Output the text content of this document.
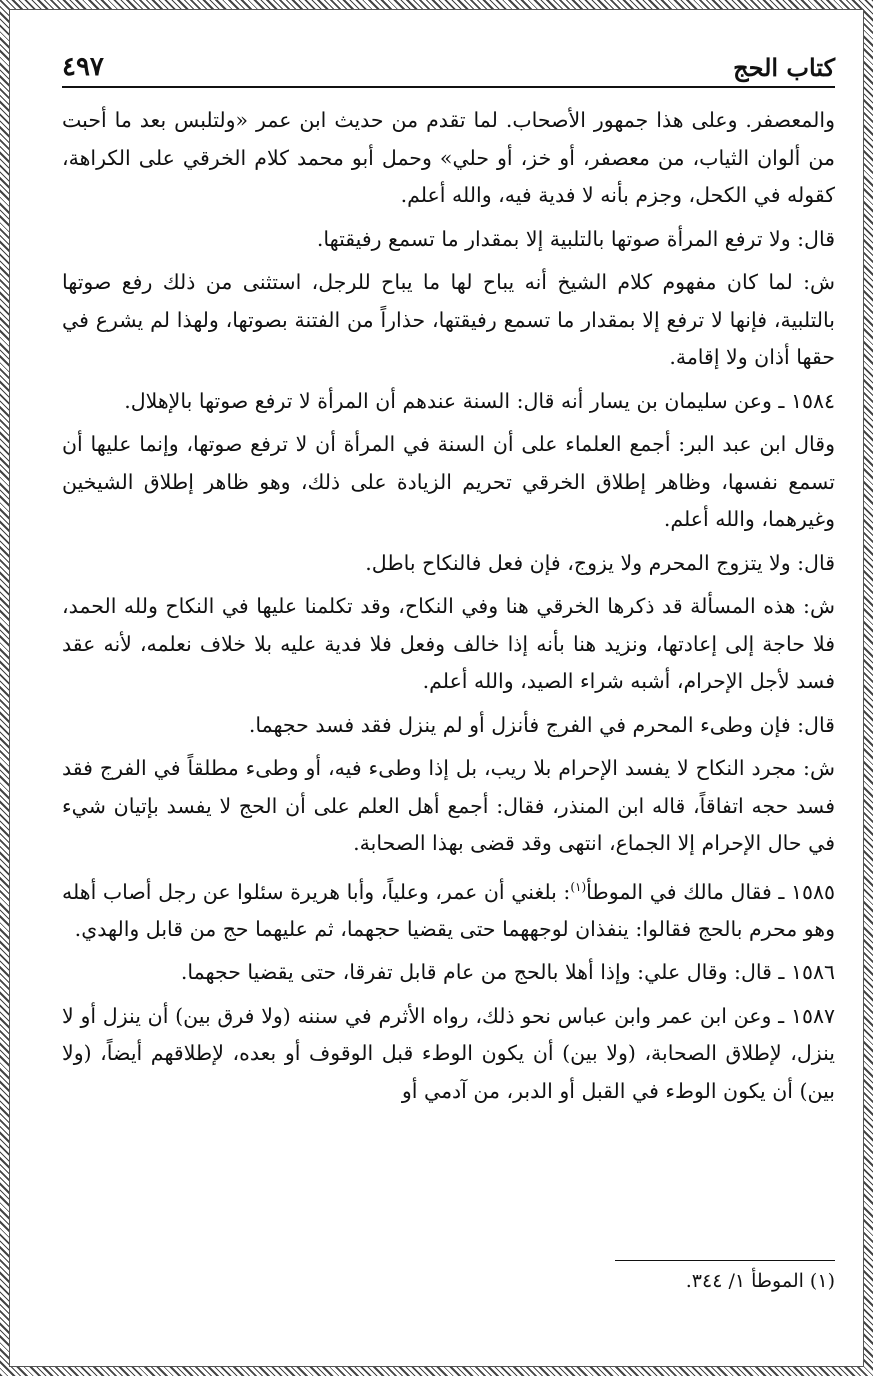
كتاب الحج
٤٩٧

والمعصفر. وعلى هذا جمهور الأصحاب. لما تقدم من حديث ابن عمر «ولتلبس بعد ما أحبت من ألوان الثياب، من معصفر، أو خز، أو حلي» وحمل أبو محمد كلام الخرقي على الكراهة، كقوله في الكحل، وجزم بأنه لا فدية فيه، والله أعلم.

قال: ولا ترفع المرأة صوتها بالتلبية إلا بمقدار ما تسمع رفيقتها.

ش: لما كان مفهوم كلام الشيخ أنه يباح لها ما يباح للرجل، استثنى من ذلك رفع صوتها بالتلبية، فإنها لا ترفع إلا بمقدار ما تسمع رفيقتها، حذاراً من الفتنة بصوتها، ولهذا لم يشرع في حقها أذان ولا إقامة.

١٥٨٤ ـ وعن سليمان بن يسار أنه قال: السنة عندهم أن المرأة لا ترفع صوتها بالإهلال.

وقال ابن عبد البر: أجمع العلماء على أن السنة في المرأة أن لا ترفع صوتها، وإنما عليها أن تسمع نفسها، وظاهر إطلاق الخرقي تحريم الزيادة على ذلك، وهو ظاهر إطلاق الشيخين وغيرهما، والله أعلم.

قال: ولا يتزوج المحرم ولا يزوج، فإن فعل فالنكاح باطل.

ش: هذه المسألة قد ذكرها الخرقي هنا وفي النكاح، وقد تكلمنا عليها في النكاح ولله الحمد، فلا حاجة إلى إعادتها، ونزيد هنا بأنه إذا خالف وفعل فلا فدية عليه بلا خلاف نعلمه، لأنه عقد فسد لأجل الإحرام، أشبه شراء الصيد، والله أعلم.

قال: فإن وطىء المحرم في الفرج فأنزل أو لم ينزل فقد فسد حجهما.

ش: مجرد النكاح لا يفسد الإحرام بلا ريب، بل إذا وطىء فيه، أو وطىء مطلقاً في الفرج فقد فسد حجه اتفاقاً، قاله ابن المنذر، فقال: أجمع أهل العلم على أن الحج لا يفسد بإتيان شيء في حال الإحرام إلا الجماع، انتهى وقد قضى بهذا الصحابة.

١٥٨٥ ـ فقال مالك في الموطأ$^{(١)}$: بلغني أن عمر، وعلياً، وأبا هريرة سئلوا عن رجل أصاب أهله وهو محرم بالحج فقالوا: ينفذان لوجههما حتى يقضيا حجهما، ثم عليهما حج من قابل والهدي.

١٥٨٦ ـ قال: وقال علي: وإذا أهلا بالحج من عام قابل تفرقا، حتى يقضيا حجهما.

١٥٨٧ ـ وعن ابن عمر وابن عباس نحو ذلك، رواه الأثرم في سننه (ولا فرق بين) أن ينزل أو لا ينزل، لإطلاق الصحابة، (ولا بين) أن يكون الوطء قبل الوقوف أو بعده، لإطلاقهم أيضاً، (ولا بين) أن يكون الوطء في القبل أو الدبر، من آدمي أو

(١) الموطأ ١/ ٣٤٤.
